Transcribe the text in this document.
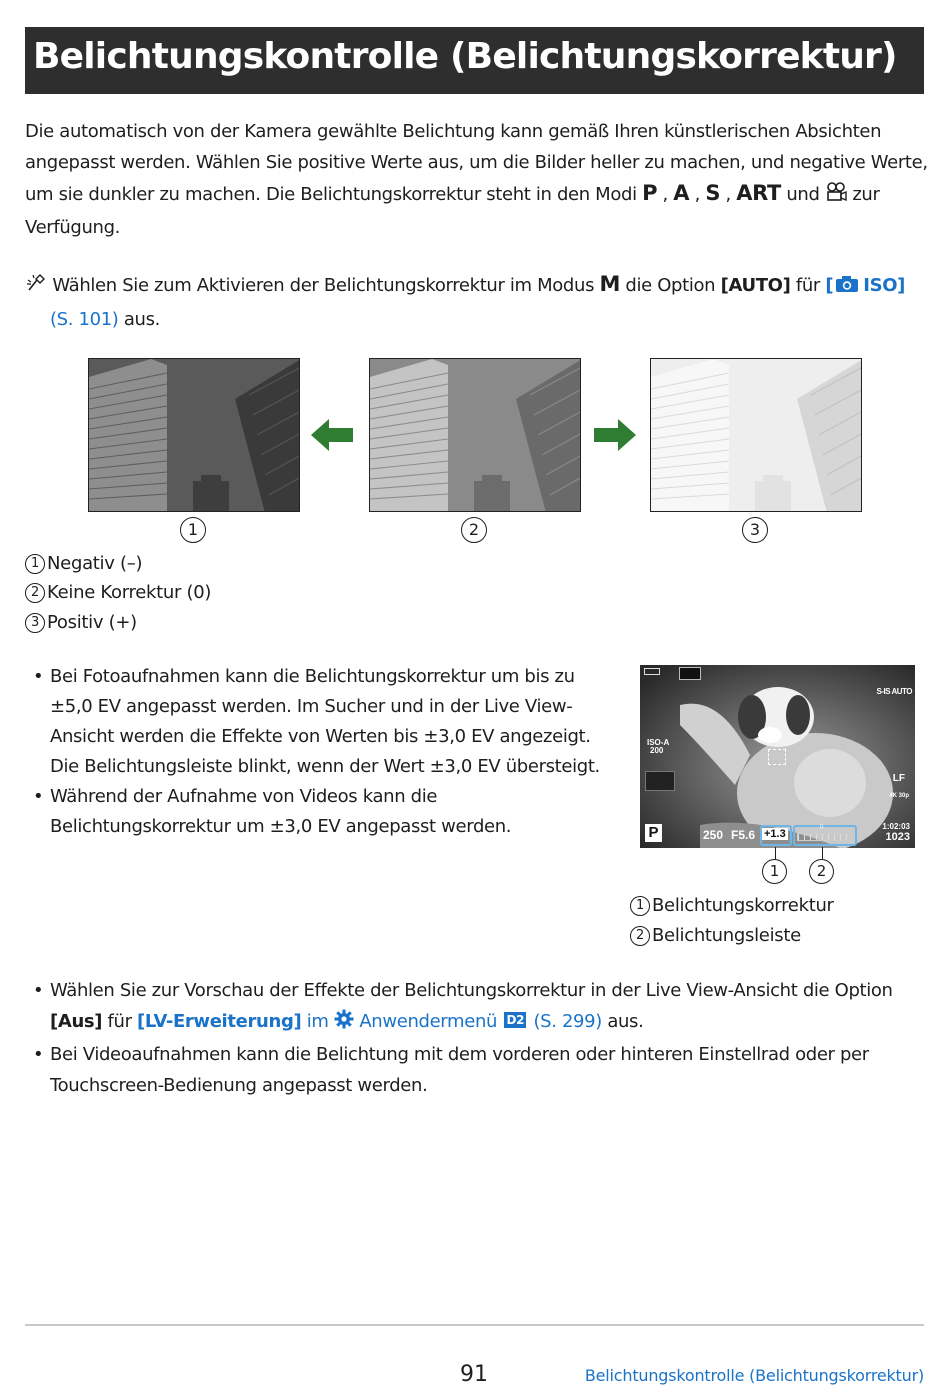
Belichtungskontrolle (Belichtungskorrektur)
Die automatisch von der Kamera gewählte Belichtung kann gemäß Ihren künstlerischen Absichten
angepasst werden. Wählen Sie positive Werte aus, um die Bilder heller zu machen, und negative Werte,
um sie dunkler zu machen. Die Belichtungskorrektur steht in den Modi P , A , S , ART und zur
Verfügung.
Wählen Sie zum Aktivieren der Belichtungskorrektur im Modus M die Option [AUTO] für [ ISO]
(S. 101) aus.
1	2	3
1 Negativ (–)
2 Keine Korrektur (0)
3 Positiv (+)
• Bei Fotoaufnahmen kann die Belichtungskorrektur um bis zu
±5,0 EV angepasst werden. Im Sucher und in der Live View-
Ansicht werden die Effekte von Werten bis ±3,0 EV angezeigt.
Die Belichtungsleiste blinkt, wenn der Wert ±3,0 EV übersteigt.
• Während der Aufnahme von Videos kann die
Belichtungskorrektur um ±3,0 EV angepasst werden.
S-IS AUTO
ISO-A
200
LF
4K 30p
P	250 F5.6 +1.3	0	1:02:03
1023
1	2
1 Belichtungskorrektur
2 Belichtungsleiste
• Wählen Sie zur Vorschau der Effekte der Belichtungskorrektur in der Live View-Ansicht die Option
[Aus] für [LV-Erweiterung] im Anwendermenü D2 (S. 299) aus.
• Bei Videoaufnahmen kann die Belichtung mit dem vorderen oder hinteren Einstellrad oder per
Touchscreen-Bedienung angepasst werden.
91	Belichtungskontrolle (Belichtungskorrektur)
